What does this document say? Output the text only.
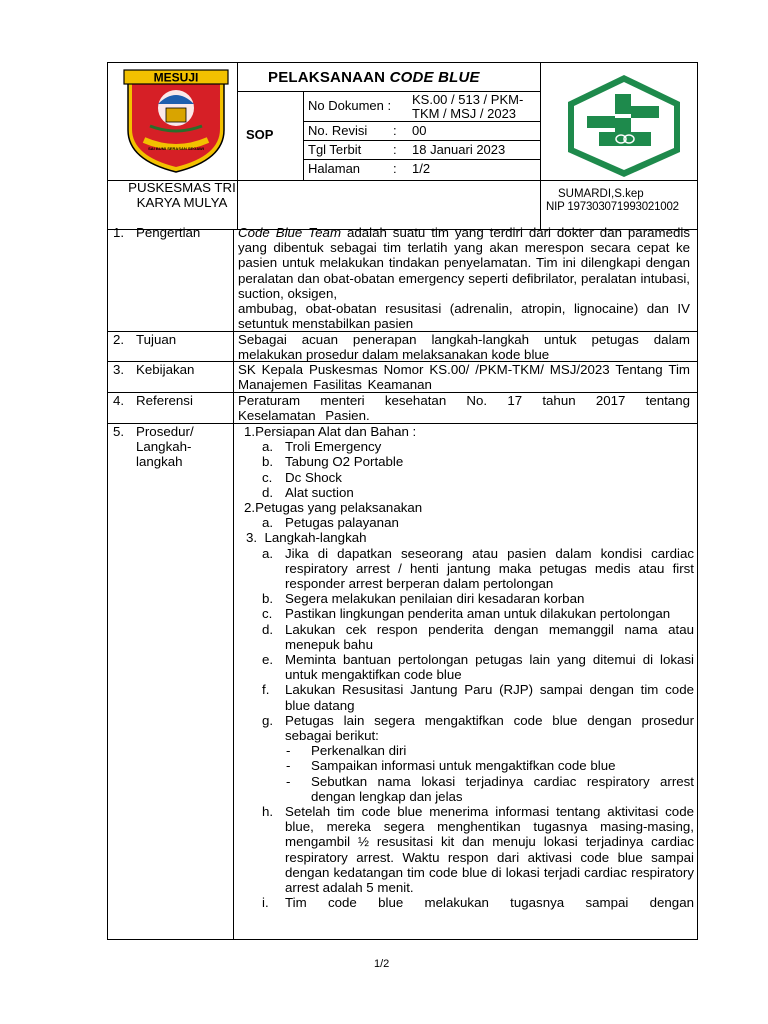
MESUJI
SAI BUMI SERASAN SEGAWI
PELAKSANAAN CODE BLUE
SOP
No Dokumen : KS.00 / 513 / PKM-TKM / MSJ / 2023
No. Revisi : 00
Tgl Terbit : 18 Januari 2023
Halaman	: 1/2
PUSKESMAS TRI KARYA MULYA
SUMARDI,S.kep
NIP 197303071993021002
1. Pengertian
2. Tujuan
3. Kebijakan
4. Referensi
5. Prosedur/ Langkah-langkah
Code Blue Team adalah suatu tim yang terdiri dari dokter dan paramedis yang dibentuk sebagai tim terlatih yang akan merespon secara cepat ke pasien untuk melakukan tindakan penyelamatan. Tim ini dilengkapi dengan peralatan dan obat-obatan emergency seperti defibrilator, peralatan intubasi, suction, oksigen,
ambubag, obat-obatan resusitasi (adrenalin, atropin, lignocaine) dan IV setuntuk menstabilkan pasien
Sebagai acuan penerapan langkah-langkah untuk petugas dalam melakukan prosedur dalam melaksanakan kode blue
SK Kepala Puskesmas Nomor KS.00/ /PKM-TKM/ MSJ/2023 Tentang Tim Manajemen Fasilitas Keamanan
Peraturam menteri kesehatan No. 17 tahun 2017 tentang Keselamatan Pasien.
1.Persiapan Alat dan Bahan :
a. Troli Emergency
b. Tabung O2 Portable
c. Dc Shock
d. Alat suction
2.Petugas yang pelaksanakan
a. Petugas palayanan
3.  Langkah-langkah
a. Jika di dapatkan seseorang atau pasien dalam kondisi cardiac respiratory arrest / henti jantung maka petugas medis atau first responder arrest berperan dalam pertolongan
b. Segera melakukan penilaian diri kesadaran korban
c. Pastikan lingkungan penderita aman untuk dilakukan pertolongan
d. Lakukan cek respon penderita dengan memanggil nama atau menepuk bahu
e. Meminta bantuan pertolongan petugas lain yang ditemui di lokasi untuk mengaktifkan code blue
f. Lakukan Resusitasi Jantung Paru (RJP) sampai dengan tim code blue datang
g. Petugas lain segera mengaktifkan code blue dengan prosedur sebagai berikut:
- Perkenalkan diri
- Sampaikan informasi untuk mengaktifkan code blue
- Sebutkan nama lokasi terjadinya cardiac respiratory arrest dengan lengkap dan jelas
h. Setelah tim code blue menerima informasi tentang aktivitasi code blue, mereka segera menghentikan tugasnya masing-masing, mengambil ½ resusitasi kit dan menuju lokasi terjadinya cardiac respiratory arrest. Waktu respon dari aktivasi code blue sampai dengan kedatangan tim code blue di lokasi terjadi cardiac respiratory arrest adalah 5 menit.
i. Tim code blue melakukan tugasnya sampai dengan
1/2
